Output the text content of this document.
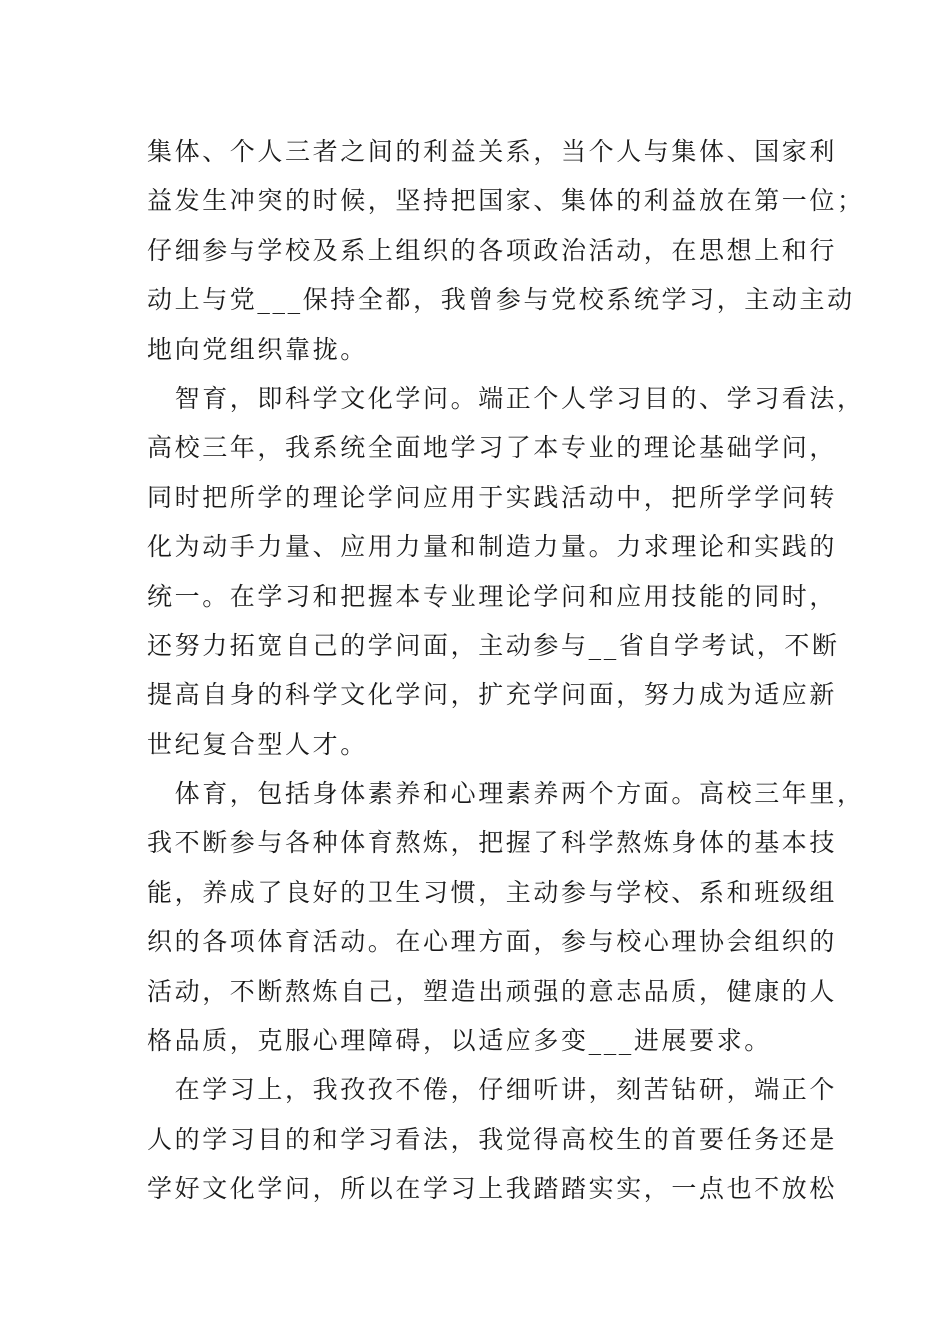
集体、个人三者之间的利益关系，当个人与集体、国家利
益发生冲突的时候，坚持把国家、集体的利益放在第一位；
仔细参与学校及系上组织的各项政治活动，在思想上和行
动上与党___保持全都，我曾参与党校系统学习，主动主动
地向党组织靠拢。
　智育，即科学文化学问。端正个人学习目的、学习看法，
高校三年，我系统全面地学习了本专业的理论基础学问，
同时把所学的理论学问应用于实践活动中，把所学学问转
化为动手力量、应用力量和制造力量。力求理论和实践的
统一。在学习和把握本专业理论学问和应用技能的同时，
还努力拓宽自己的学问面，主动参与__省自学考试，不断
提高自身的科学文化学问，扩充学问面，努力成为适应新
世纪复合型人才。
　体育，包括身体素养和心理素养两个方面。高校三年里，
我不断参与各种体育熬炼，把握了科学熬炼身体的基本技
能，养成了良好的卫生习惯，主动参与学校、系和班级组
织的各项体育活动。在心理方面，参与校心理协会组织的
活动，不断熬炼自己，塑造出顽强的意志品质，健康的人
格品质，克服心理障碍，以适应多变___进展要求。
　在学习上，我孜孜不倦，仔细听讲，刻苦钻研，端正个
人的学习目的和学习看法，我觉得高校生的首要任务还是
学好文化学问，所以在学习上我踏踏实实，一点也不放松
